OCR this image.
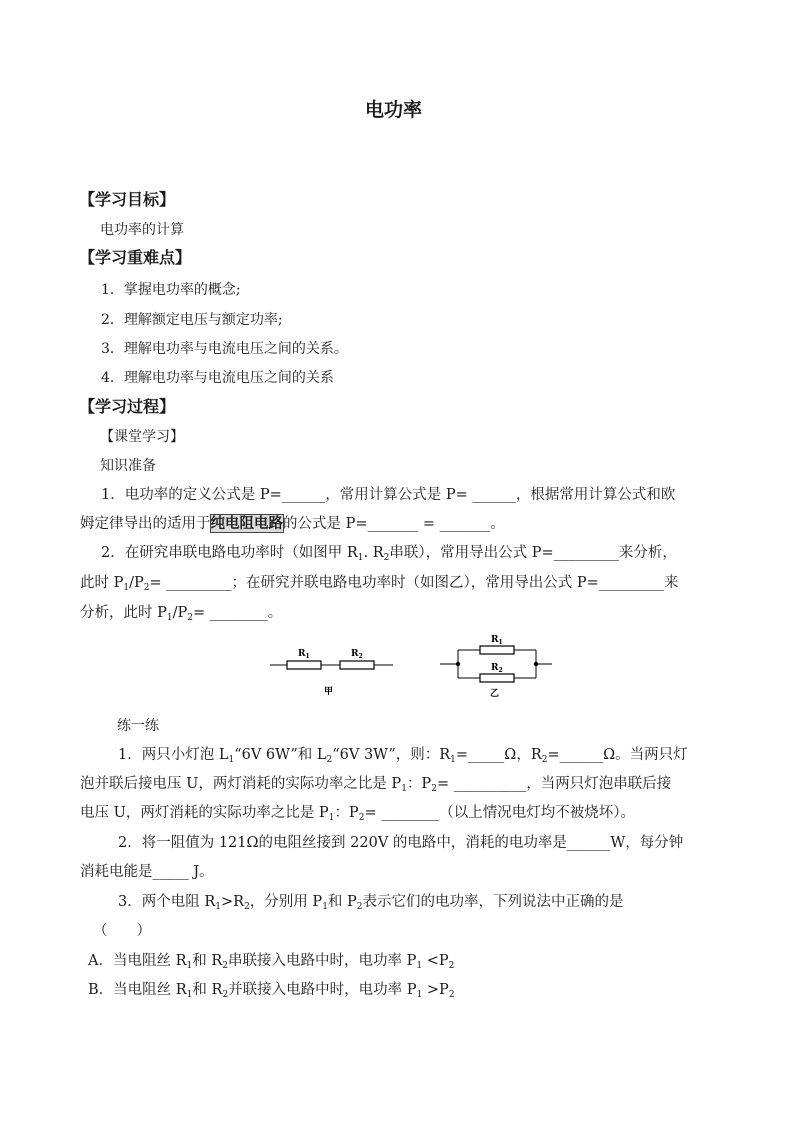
电功率
【学习目标】
电功率的计算
【学习重难点】
1．掌握电功率的概念;
2．理解额定电压与额定功率;
3．理解电功率与电流电压之间的关系。
4．理解电功率与电流电压之间的关系
【学习过程】
【课堂学习】
知识准备
1．电功率的定义公式是 P=______，常用计算公式是 P= ______，根据常用计算公式和欧
姆定律导出的适用于纯电阻电路的公式是 P=_______ = _______。
2．在研究串联电路电功率时（如图甲 $R_1$. $R_2$串联），常用导出公式 P=_________来分析，
此时 $P_1/P_2=$ _________；在研究并联电路电功率时（如图乙），常用导出公式 P=_________来
分析，此时 $P_1/P_2=$ ________。
$R_1$	$R_2$
甲
$R_1$
$R_2$
乙
练一练
1．两只小灯泡 $L_1“6V$ 6W”和 $L_2“6V$ 3W”，则：$R_1=\_\_\_\_\_\Omega$，$R_2=\_\_\_\_\_\_\Omega$。当两只灯
泡并联后接电压 U，两灯消耗的实际功率之比是 $P_1$：$P_2=$ __________，当两只灯泡串联后接
电压 U，两灯消耗的实际功率之比是 $P_1$：$P_2=$ ________（以上情况电灯均不被烧坏）。
2．将一阻值为 121Ω的电阻丝接到 220V 的电路中，消耗的电功率是______W，每分钟
消耗电能是_____ J。
3．两个电阻 $R_1>R_2$，分别用 $P_1$和 $P_2$表示它们的电功率，下列说法中正确的是
（　　）
A．当电阻丝 $R_1$和 $R_2$串联接入电路中时，电功率 $P_1 <P_2$
B．当电阻丝 $R_1$和 $R_2$并联接入电路中时，电功率 $P_1 >P_2$
